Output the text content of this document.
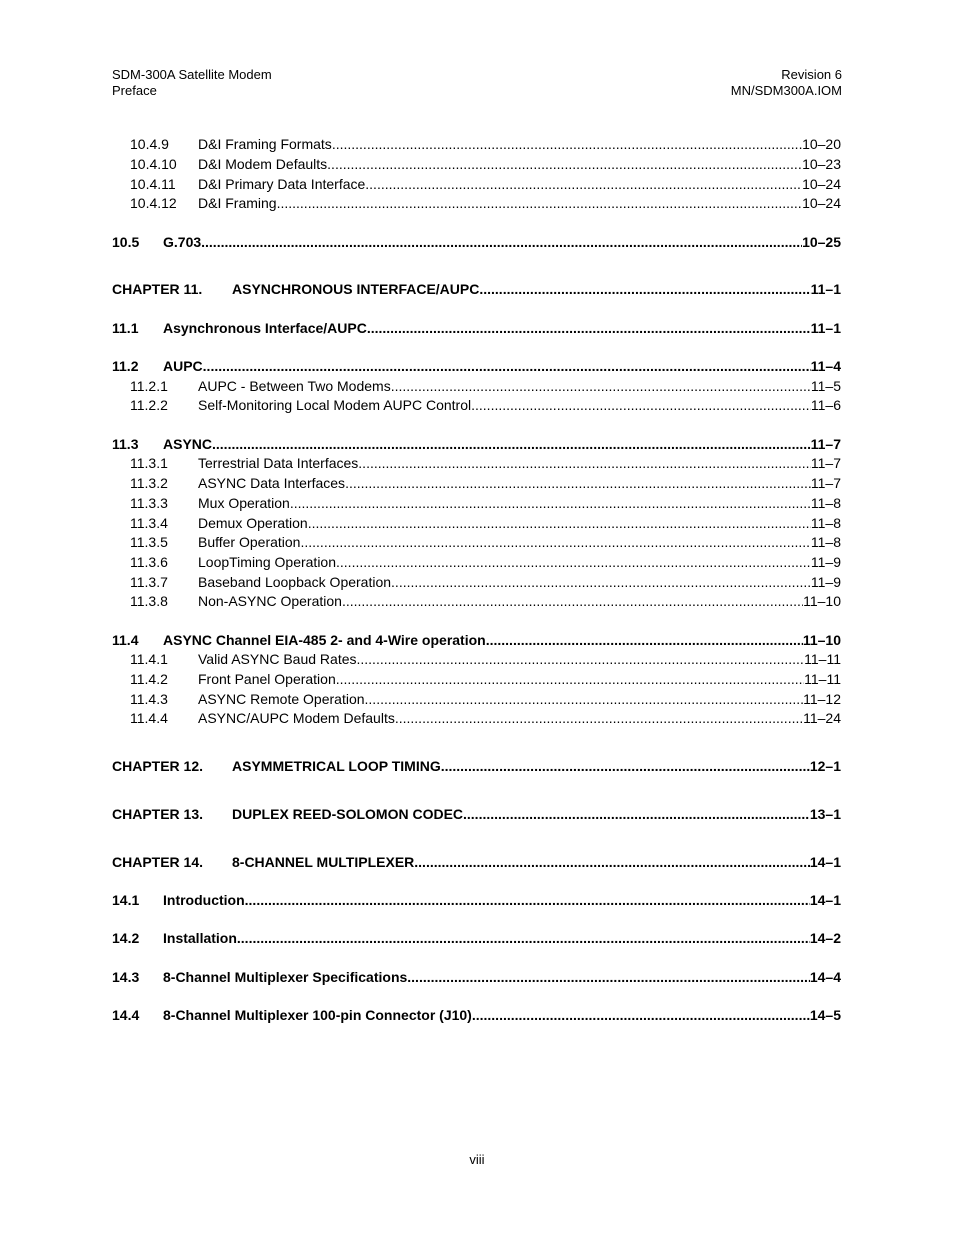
SDM-300A Satellite Modem
Preface
Revision 6
MN/SDM300A.IOM
10.4.9	D&I Framing Formats .....	10–20
10.4.10	D&I Modem Defaults .....	10–23
10.4.11	D&I Primary Data Interface .....	10–24
10.4.12	D&I Framing .....	10–24
10.5	G.703 .....	10–25
CHAPTER 11.	ASYNCHRONOUS INTERFACE/AUPC .....	11–1
11.1	Asynchronous Interface/AUPC .....	11–1
11.2	AUPC .....	11–4
11.2.1	AUPC - Between Two Modems .....	11–5
11.2.2	Self-Monitoring Local Modem AUPC Control .....	11–6
11.3	ASYNC .....	11–7
11.3.1	Terrestrial Data Interfaces .....	11–7
11.3.2	ASYNC Data Interfaces .....	11–7
11.3.3	Mux Operation .....	11–8
11.3.4	Demux Operation .....	11–8
11.3.5	Buffer Operation .....	11–8
11.3.6	LoopTiming Operation .....	11–9
11.3.7	Baseband Loopback Operation .....	11–9
11.3.8	Non-ASYNC Operation .....	11–10
11.4	ASYNC Channel EIA-485 2- and 4-Wire operation .....	11–10
11.4.1	Valid ASYNC Baud Rates .....	11–11
11.4.2	Front Panel Operation .....	11–11
11.4.3	ASYNC Remote Operation .....	11–12
11.4.4	ASYNC/AUPC Modem Defaults .....	11–24
CHAPTER 12.	ASYMMETRICAL LOOP TIMING .....	12–1
CHAPTER 13.	DUPLEX REED-SOLOMON CODEC .....	13–1
CHAPTER 14.	8-CHANNEL MULTIPLEXER .....	14–1
14.1	Introduction .....	14–1
14.2	Installation .....	14–2
14.3	8-Channel Multiplexer Specifications .....	14–4
14.4	8-Channel Multiplexer 100-pin Connector (J10) .....	14–5
viii
